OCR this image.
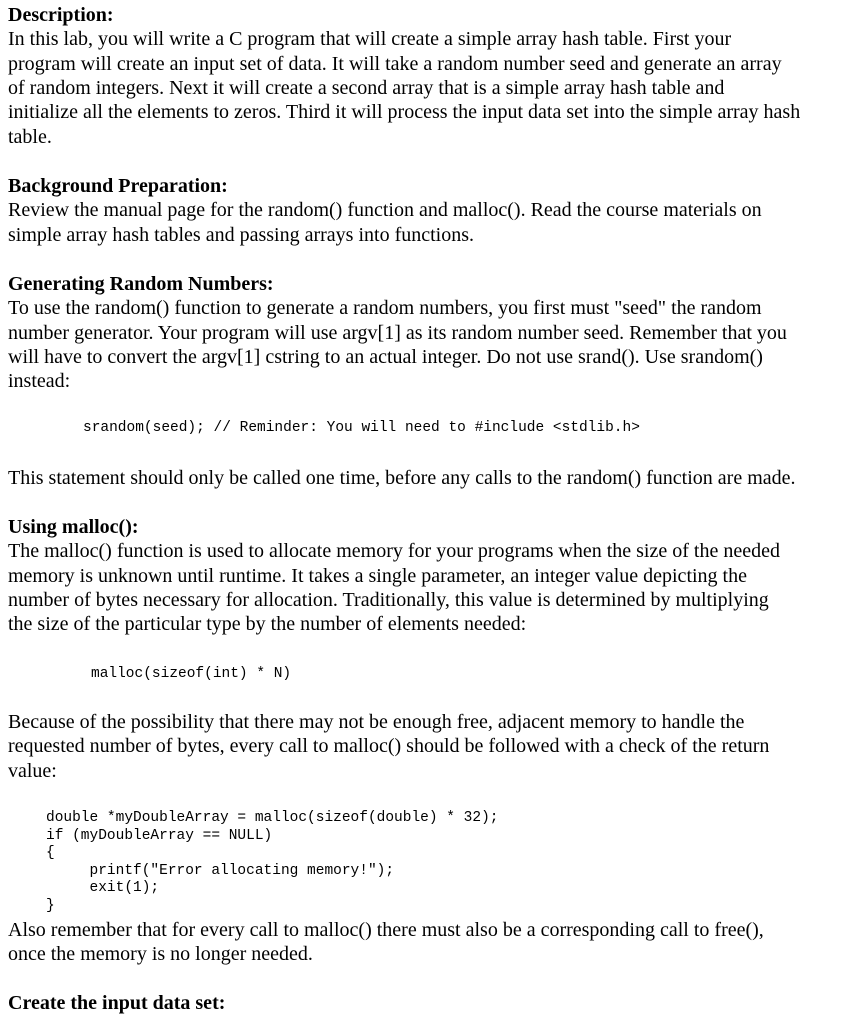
Description:

In this lab, you will write a C program that will create a simple array hash table. First your

program will create an input set of data. It will take a random number seed and generate an array

of random integers. Next it will create a second array that is a simple array hash table and

initialize all the elements to zeros. Third it will process the input data set into the simple array hash

table.

Background Preparation:

Review the manual page for the random() function and malloc(). Read the course materials on

simple array hash tables and passing arrays into functions.

Generating Random Numbers:

To use the random() function to generate a random numbers, you first must "seed" the random

number generator. Your program will use argv[1] as its random number seed. Remember that you

will have to convert the argv[1] cstring to an actual integer. Do not use srand(). Use srandom()

instead:

srandom(seed); // Reminder: You will need to #include <stdlib.h>

This statement should only be called one time, before any calls to the random() function are made.

Using malloc():

The malloc() function is used to allocate memory for your programs when the size of the needed

memory is unknown until runtime. It takes a single parameter, an integer value depicting the

number of bytes necessary for allocation. Traditionally, this value is determined by multiplying

the size of the particular type by the number of elements needed:

malloc(sizeof(int) * N)

Because of the possibility that there may not be enough free, adjacent memory to handle the

requested number of bytes, every call to malloc() should be followed with a check of the return

value:

double *myDoubleArray = malloc(sizeof(double) * 32);
if (myDoubleArray == NULL)
{
printf("Error allocating memory!");
exit(1);
}

Also remember that for every call to malloc() there must also be a corresponding call to free(),

once the memory is no longer needed.

Create the input data set:
